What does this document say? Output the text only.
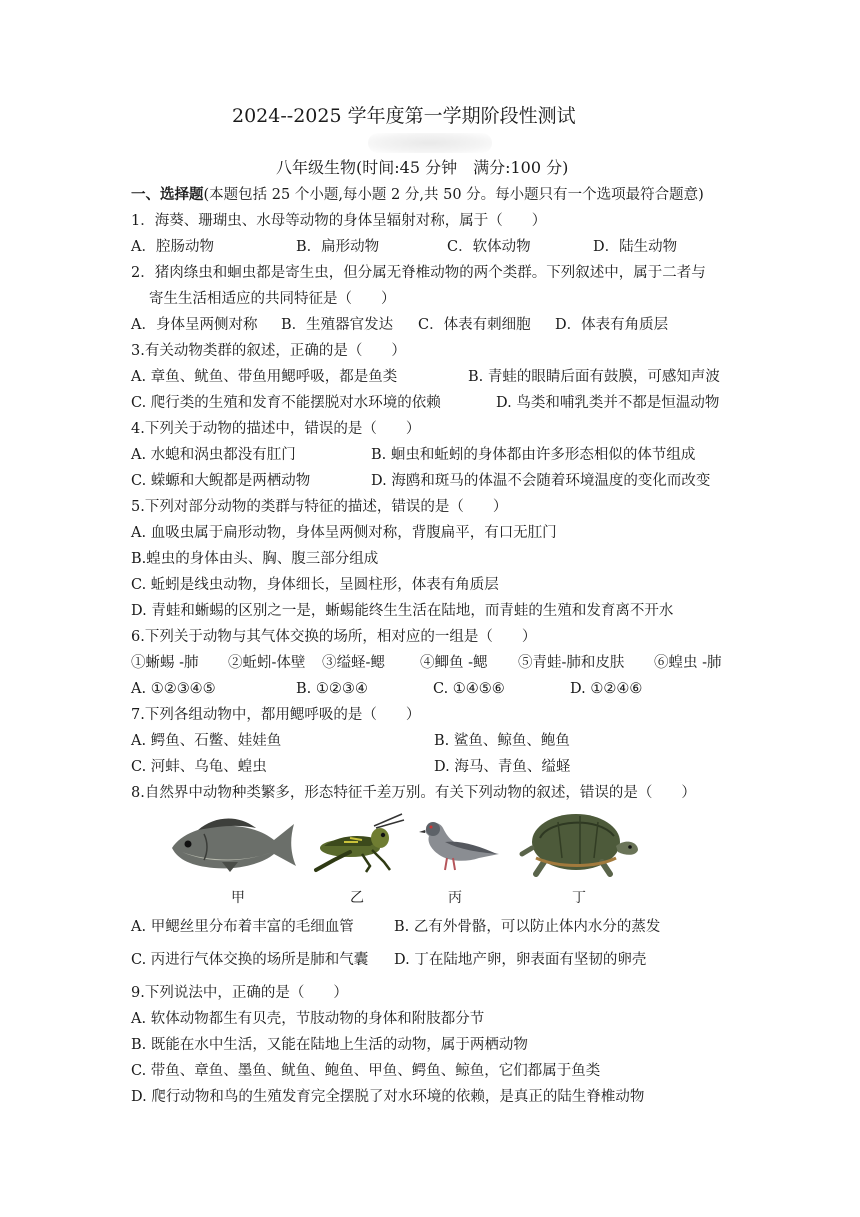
2024--2025 学年度第一学期阶段性测试
八年级生物(时间:45 分钟　满分:100 分)
一、选择题(本题包括 25 个小题,每小题 2 分,共 50 分。每小题只有一个选项最符合题意)
1．海葵、珊瑚虫、水母等动物的身体呈辐射对称，属于（　　）
A．腔肠动物	B．扁形动物	C．软体动物	D．陆生动物
2．猪肉绦虫和蛔虫都是寄生虫，但分属无脊椎动物的两个类群。下列叙述中，属于二者与
寄生生活相适应的共同特征是（　　）
A．身体呈两侧对称 B．生殖器官发达 C．体表有刺细胞 D．体表有角质层
3.有关动物类群的叙述，正确的是（　　）
A. 章鱼、鱿鱼、带鱼用鳃呼吸，都是鱼类	B. 青蛙的眼睛后面有鼓膜，可感知声波
C. 爬行类的生殖和发育不能摆脱对水环境的依赖	D. 鸟类和哺乳类并不都是恒温动物
4.下列关于动物的描述中，错误的是（　　）
A. 水螅和涡虫都没有肛门	B. 蛔虫和蚯蚓的身体都由许多形态相似的体节组成
C. 蝾螈和大鲵都是两栖动物	D. 海鸥和斑马的体温不会随着环境温度的变化而改变
5.下列对部分动物的类群与特征的描述，错误的是（　　）
A. 血吸虫属于扁形动物，身体呈两侧对称，背腹扁平，有口无肛门
B.蝗虫的身体由头、胸、腹三部分组成
C. 蚯蚓是线虫动物，身体细长，呈圆柱形，体表有角质层
D. 青蛙和蜥蜴的区别之一是，蜥蜴能终生生活在陆地，而青蛙的生殖和发育离不开水
6.下列关于动物与其气体交换的场所，相对应的一组是（　　）
①蜥蜴 -肺 ②蚯蚓-体壁 ③缢蛏-鳃 ④鲫鱼 -鳃 ⑤青蛙-肺和皮肤 ⑥蝗虫 -肺
A. ①②③④⑤	B. ①②③④	C. ①④⑤⑥	D. ①②④⑥
7.下列各组动物中，都用鳃呼吸的是（　　）
A. 鳄鱼、石鳖、娃娃鱼	B. 鲨鱼、鲸鱼、鲍鱼
C. 河蚌、乌龟、蝗虫	D. 海马、青鱼、缢蛏
8.自然界中动物种类繁多，形态特征千差万别。有关下列动物的叙述，错误的是（　　）
甲	乙	丙	丁
A. 甲鳃丝里分布着丰富的毛细血管	B. 乙有外骨骼，可以防止体内水分的蒸发
C. 丙进行气体交换的场所是肺和气囊 D. 丁在陆地产卵，卵表面有坚韧的卵壳
9.下列说法中，正确的是（　　）
A. 软体动物都生有贝壳，节肢动物的身体和附肢都分节
B. 既能在水中生活，又能在陆地上生活的动物，属于两栖动物
C. 带鱼、章鱼、墨鱼、鱿鱼、鲍鱼、甲鱼、鳄鱼、鲸鱼，它们都属于鱼类
D. 爬行动物和鸟的生殖发育完全摆脱了对水环境的依赖，是真正的陆生脊椎动物
